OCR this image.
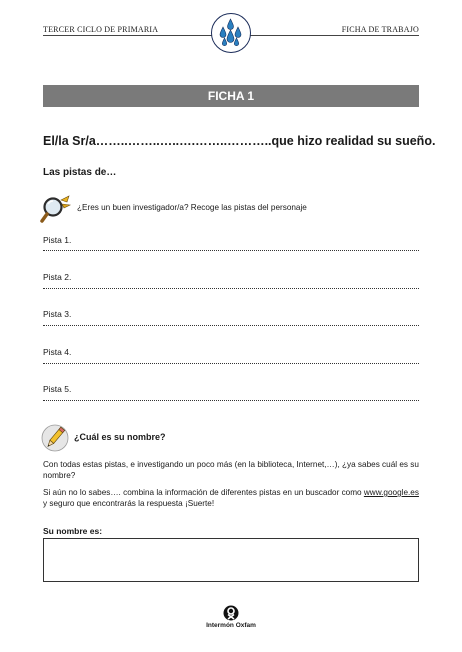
TERCER CICLO DE PRIMARIA	FICHA DE TRABAJO
FICHA 1
El/la Sr/a……..……..…..….……..………..que hizo realidad su sueño.
Las pistas de…
¿Eres un buen investigador/a? Recoge las pistas del personaje
Pista 1.
Pista 2.
Pista 3.
Pista 4.
Pista 5.
¿Cuál es su nombre?
Con todas estas pistas, e investigando un poco más (en la biblioteca, Internet,…), ¿ya sabes cuál es su nombre?
Si aún no lo sabes…. combina la información de diferentes pistas en un buscador como www.google.es y seguro que encontrarás la respuesta ¡Suerte!
Su nombre es:
Intermón Oxfam
